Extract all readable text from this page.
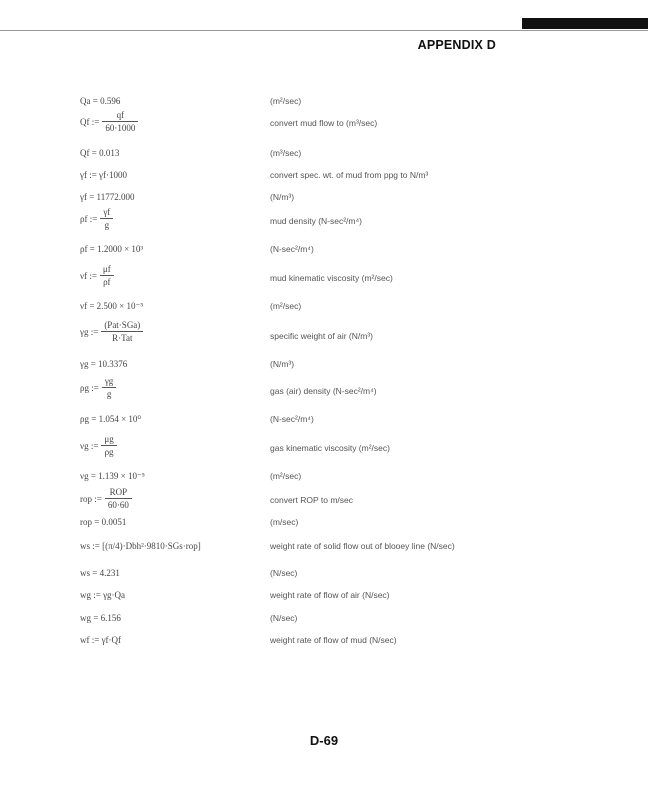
APPENDIX D
Qa = 0.596	(m²/sec)
Qf := $\frac{qf}{60\cdot 1000}$	convert mud flow to (m³/sec)
Qf = 0.013	(m³/sec)
γf := γf·1000	convert spec. wt. of mud from ppg to N/m³
γf = 11772.000	(N/m³)
ρf := $\frac{\gamma f}{g}$	mud density (N-sec²/m⁴)
ρf = 1.2000 × 10³	(N-sec²/m⁴)
νf := $\frac{\mu f}{\rho f}$	mud kinematic viscosity (m²/sec)
νf = 2.500 × 10⁻⁵	(m²/sec)
γg := $\frac{\text{(Pat·SGa)}}{\text{R·Tat}}$	specific weight of air (N/m³)
γg = 10.3376	(N/m³)
ρg := $\frac{\gamma g}{g}$	gas (air) density (N-sec²/m⁴)
ρg = 1.054 × 10⁰	(N-sec²/m⁴)
νg := $\frac{\mu g}{\rho g}$	gas kinematic viscosity (m²/sec)
νg = 1.139 × 10⁻⁵	(m²/sec)
rop := $\frac{\text{ROP}}{60\cdot 60}$	convert ROP to m/sec
rop = 0.0051	(m/sec)
ws := [(π/4)·Dbh²·9810·SGs·rop]	weight rate of solid flow out of blooey line (N/sec)
ws = 4.231	(N/sec)
wg := γg·Qa	weight rate of flow of air (N/sec)
wg = 6.156	(N/sec)
wf := γf·Qf	weight rate of flow of mud (N/sec)
D-69
